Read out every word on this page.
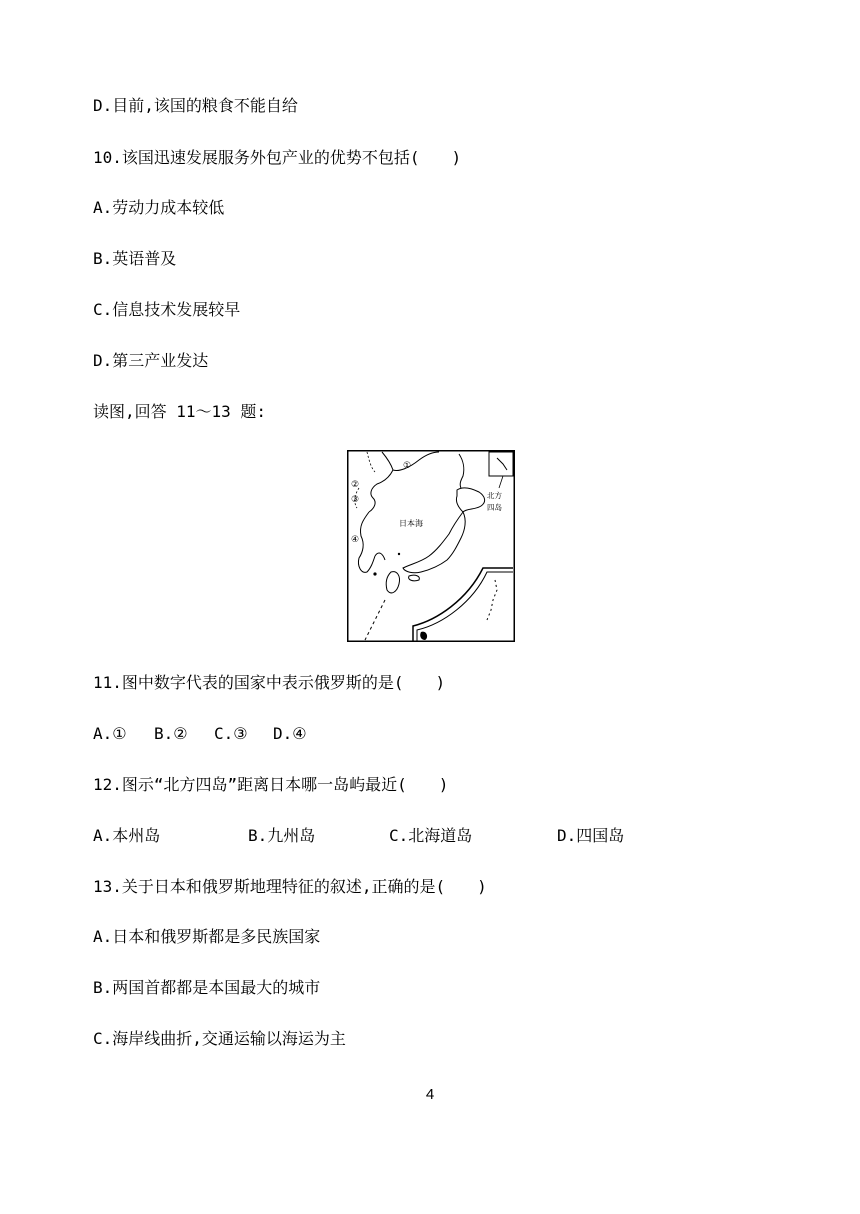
D.目前,该国的粮食不能自给
10.该国迅速发展服务外包产业的优势不包括(　　)
A.劳动力成本较低
B.英语普及
C.信息技术发展较早
D.第三产业发达
读图,回答 11～13 题:
①
②
③
④
日本海
北方
四岛
11.图中数字代表的国家中表示俄罗斯的是(　　)
A.① B.② C.③ D.④
12.图示“北方四岛”距离日本哪一岛屿最近(　　)
A.本州岛	B.九州岛	C.北海道岛	D.四国岛
13.关于日本和俄罗斯地理特征的叙述,正确的是(　　)
A.日本和俄罗斯都是多民族国家
B.两国首都都是本国最大的城市
C.海岸线曲折,交通运输以海运为主
4
